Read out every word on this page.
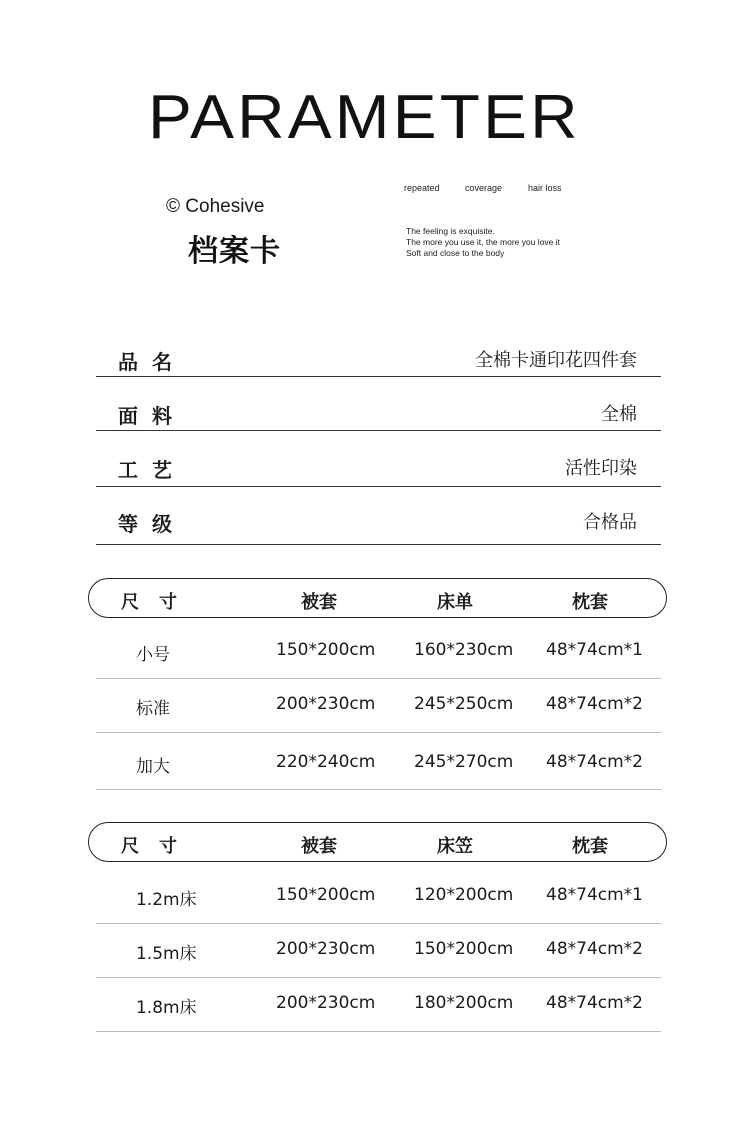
PARAMETER
© Cohesive
档案卡
repeated	coverage	hair loss
The feeling is exquisite.
The more you use it, the more you love it
Soft and close to the body
品名	全棉卡通印花四件套
面料	全棉
工艺	活性印染
等级	合格品
尺寸	被套	床单	枕套
小号	150*200cm 160*230cm 48*74cm*1
标准	200*230cm 245*250cm 48*74cm*2
加大	220*240cm 245*270cm 48*74cm*2
尺寸	被套	床笠	枕套
1.2m床	150*200cm 120*200cm 48*74cm*1
1.5m床	200*230cm 150*200cm 48*74cm*2
1.8m床	200*230cm 180*200cm 48*74cm*2
